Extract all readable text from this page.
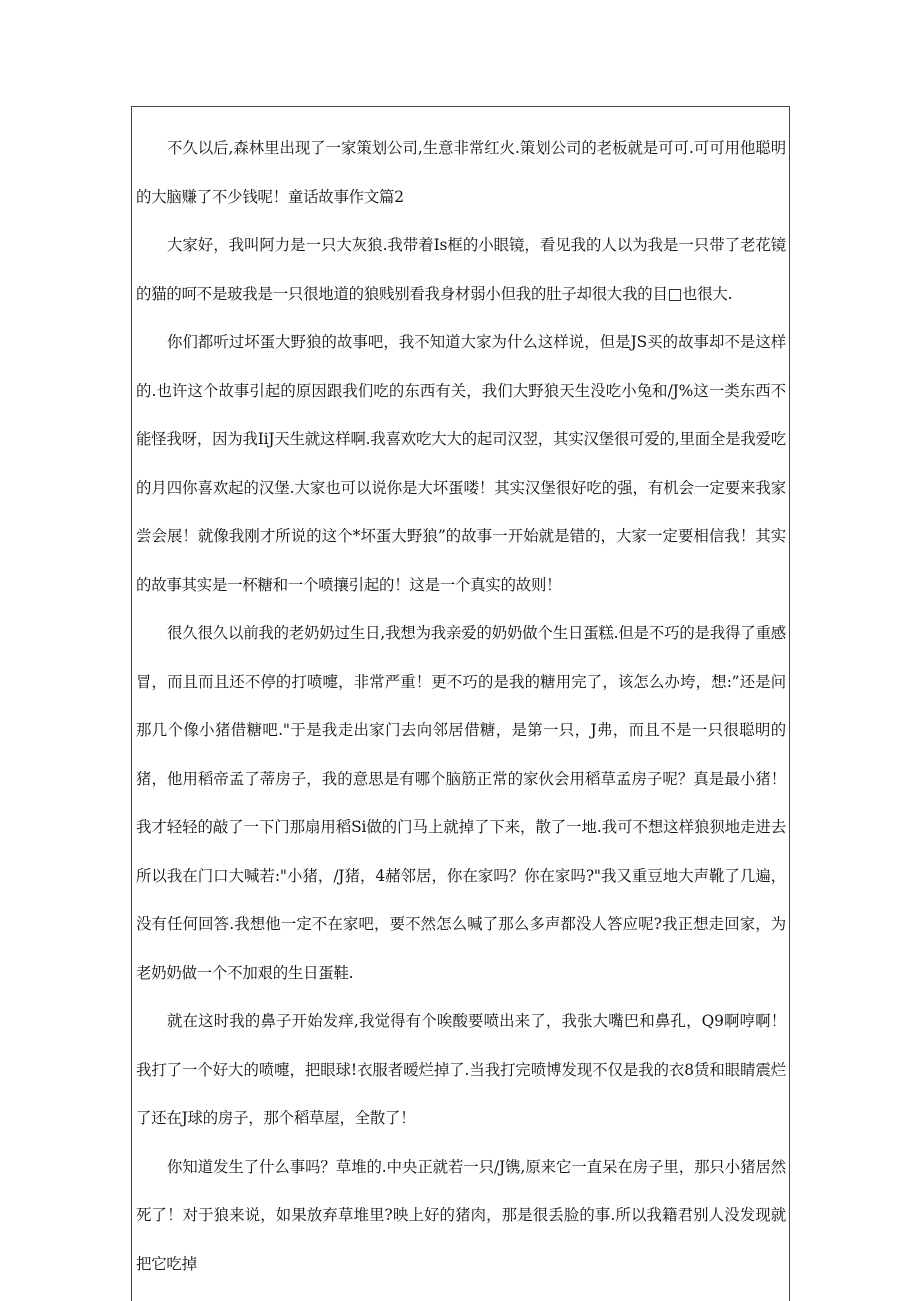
不久以后,森林里出现了一家策划公司,生意非常红火.策划公司的老板就是可可.可可用他聪明的大脑赚了不少钱呢！童话故事作文篇2

大家好，我叫阿力是一只大灰狼.我带着Is框的小眼镜，看见我的人以为我是一只带了老花镜的猫的呵不是玻我是一只很地道的狼贱别看我身材弱小但我的肚子却很大我的目□也很大.

你们都听过坏蛋大野狼的故事吧，我不知道大家为什么这样说，但是JS买的故事却不是这样的.也许这个故事引起的原因跟我们吃的东西有关，我们大野狼天生没吃小兔和/J%这一类东西不能怪我呀，因为我IiJ天生就这样啊.我喜欢吃大大的起司汉翌，其实汉堡很可爱的,里面全是我爱吃的月四你喜欢起的汉堡.大家也可以说你是大坏蛋喽！其实汉堡很好吃的强，有机会一定要来我家尝会展！就像我刚才所说的这个*坏蛋大野狼”的故事一开始就是错的，大家一定要相信我！其实的故事其实是一杯糖和一个喷攘引起的！这是一个真实的故则！

很久很久以前我的老奶奶过生日,我想为我亲爱的奶奶做个生日蛋糕.但是不巧的是我得了重感冒，而且而且还不停的打喷嚏，非常严重！更不巧的是我的糖用完了，该怎么办垮，想:”还是问那几个像小猪借糖吧."于是我走出家门去向邻居借糖，是第一只，J弗，而且不是一只很聪明的猪，他用稻帝孟了蒂房子，我的意思是有哪个脑筋正常的家伙会用稻草孟房子呢？真是最小猪！我才轻轻的敲了一下门那扇用稻Si做的门马上就掉了下来，散了一地.我可不想这样狼狈地走进去所以我在门口大喊若:"小猪，/J猪，4赭邻居，你在家吗？你在家吗?"我又重豆地大声靴了几遍，没有任何回答.我想他一定不在家吧，要不然怎么喊了那么多声都没人答应呢?我正想走回家，为老奶奶做一个不加艰的生日蛋鞋.

就在这时我的鼻子开始发痒,我觉得有个唉酸要喷出来了，我张大嘴巴和鼻孔，Q9啊哼啊！我打了一个好大的喷嚏，把眼球!衣服者暧烂掉了.当我打完喷博发现不仅是我的衣8赁和眼睛震烂了还在J球的房子，那个稻草屋，全散了！

你知道发生了什么事吗？草堆的.中央正就若一只/J镌,原来它一直呆在房子里，那只小猪居然死了！对于狼来说，如果放弃草堆里?映上好的猪肉，那是很丢脸的事.所以我籍君别人没发现就把它吃掉
